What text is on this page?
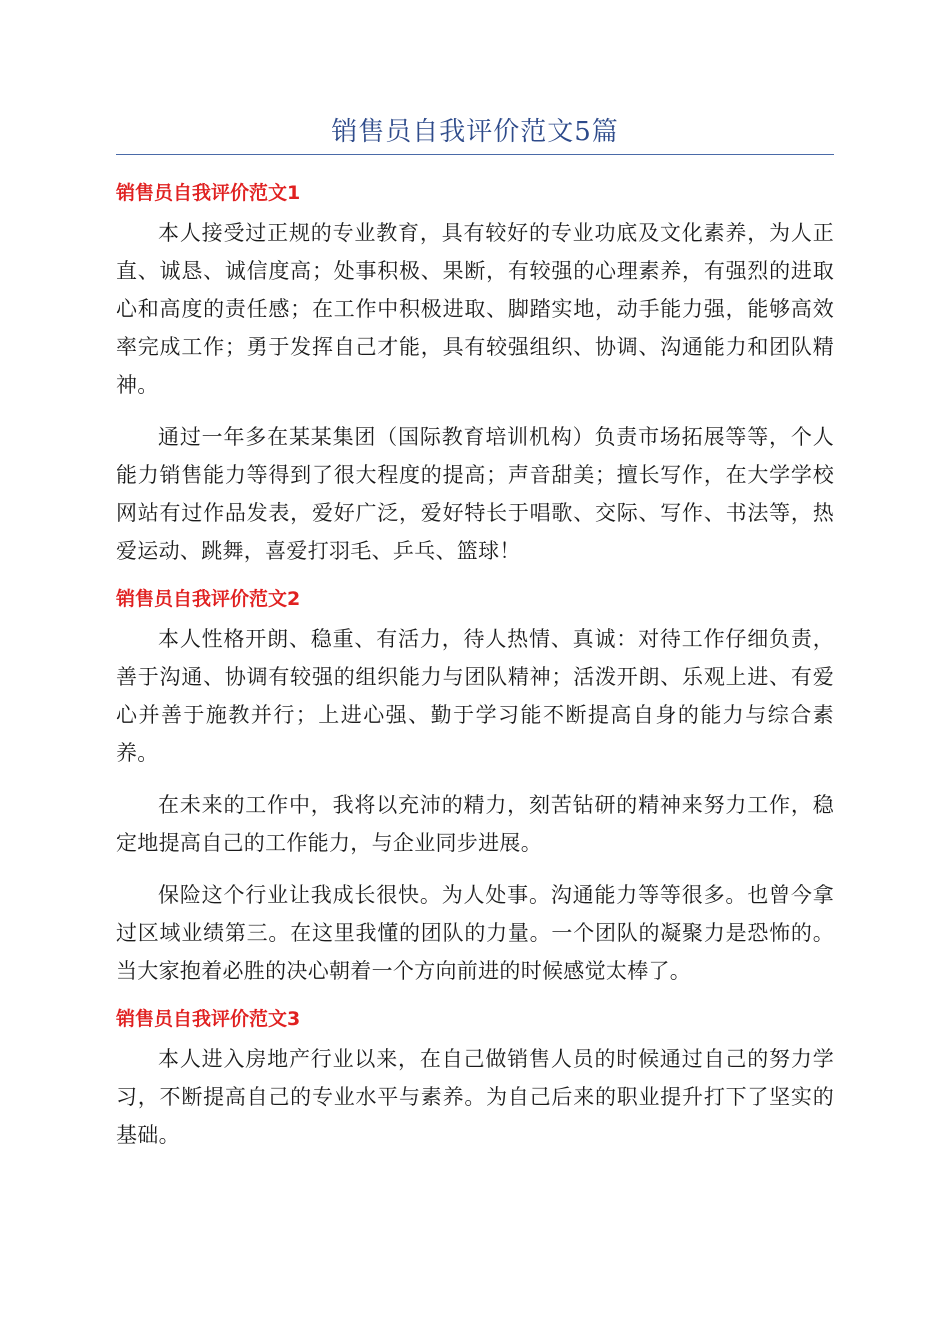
销售员自我评价范文5篇
销售员自我评价范文1

本人接受过正规的专业教育，具有较好的专业功底及文化素养，为人正直、诚恳、诚信度高；处事积极、果断，有较强的心理素养，有强烈的进取心和高度的责任感；在工作中积极进取、脚踏实地，动手能力强，能够高效率完成工作；勇于发挥自己才能，具有较强组织、协调、沟通能力和团队精神。

通过一年多在某某集团（国际教育培训机构）负责市场拓展等等，个人能力销售能力等得到了很大程度的提高；声音甜美；擅长写作，在大学学校网站有过作品发表，爱好广泛，爱好特长于唱歌、交际、写作、书法等，热爱运动、跳舞，喜爱打羽毛、乒乓、篮球！

销售员自我评价范文2

本人性格开朗、稳重、有活力，待人热情、真诚：对待工作仔细负责，善于沟通、协调有较强的组织能力与团队精神；活泼开朗、乐观上进、有爱心并善于施教并行；上进心强、勤于学习能不断提高自身的能力与综合素养。

在未来的工作中，我将以充沛的精力，刻苦钻研的精神来努力工作，稳定地提高自己的工作能力，与企业同步进展。

保险这个行业让我成长很快。为人处事。沟通能力等等很多。也曾今拿过区域业绩第三。在这里我懂的团队的力量。一个团队的凝聚力是恐怖的。当大家抱着必胜的决心朝着一个方向前进的时候感觉太棒了。

销售员自我评价范文3

本人进入房地产行业以来，在自己做销售人员的时候通过自己的努力学习，不断提高自己的专业水平与素养。为自己后来的职业提升打下了坚实的基础。
